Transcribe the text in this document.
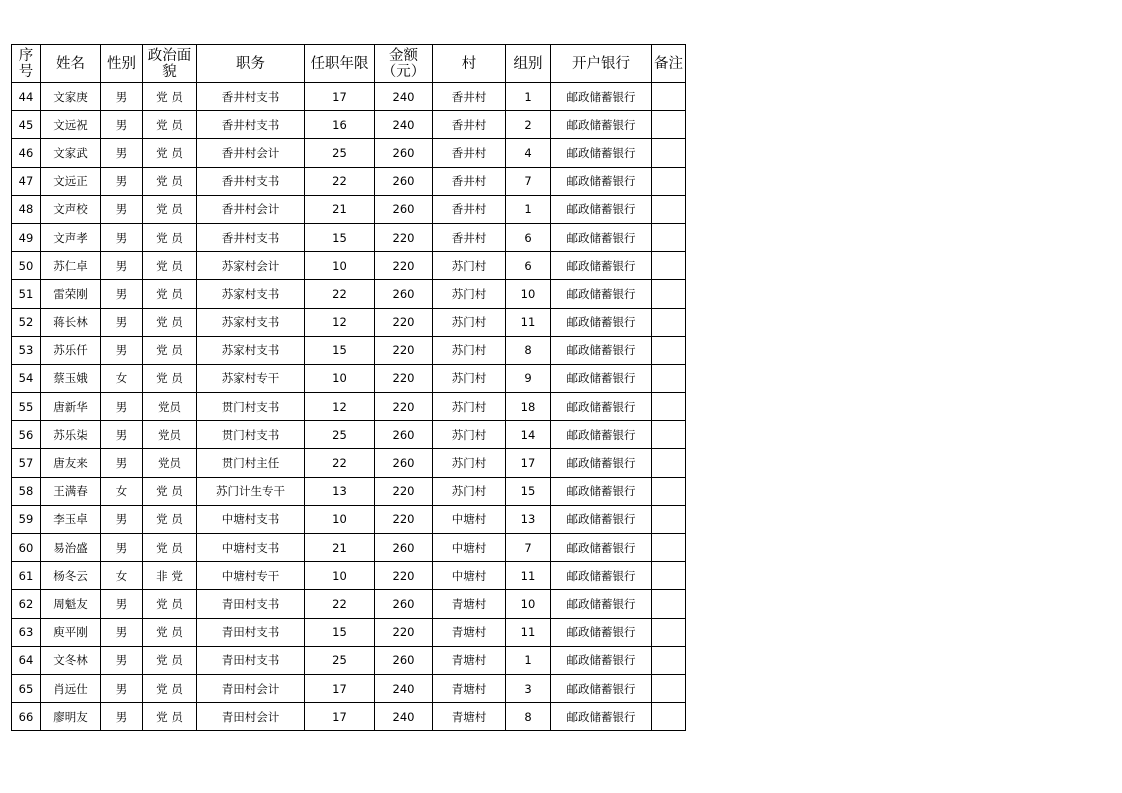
序号	姓名	性别	政治面貌	职务	任职年限	金额（元）	村	组别	开户银行	备注
44	文家庚	男	党 员	香井村支书	17	240	香井村	1	邮政储蓄银行	
45	文远祝	男	党 员	香井村支书	16	240	香井村	2	邮政储蓄银行	
46	文家武	男	党 员	香井村会计	25	260	香井村	4	邮政储蓄银行	
47	文远正	男	党 员	香井村支书	22	260	香井村	7	邮政储蓄银行	
48	文声校	男	党 员	香井村会计	21	260	香井村	1	邮政储蓄银行	
49	文声孝	男	党 员	香井村支书	15	220	香井村	6	邮政储蓄银行	
50	苏仁卓	男	党 员	苏家村会计	10	220	苏门村	6	邮政储蓄银行	
51	雷荣刚	男	党 员	苏家村支书	22	260	苏门村	10	邮政储蓄银行	
52	蒋长林	男	党 员	苏家村支书	12	220	苏门村	11	邮政储蓄银行	
53	苏乐仟	男	党 员	苏家村支书	15	220	苏门村	8	邮政储蓄银行	
54	蔡玉娥	女	党 员	苏家村专干	10	220	苏门村	9	邮政储蓄银行	
55	唐新华	男	党员	贯门村支书	12	220	苏门村	18	邮政储蓄银行	
56	苏乐柒	男	党员	贯门村支书	25	260	苏门村	14	邮政储蓄银行	
57	唐友来	男	党员	贯门村主任	22	260	苏门村	17	邮政储蓄银行	
58	王满春	女	党 员	苏门计生专干	13	220	苏门村	15	邮政储蓄银行	
59	李玉卓	男	党 员	中塘村支书	10	220	中塘村	13	邮政储蓄银行	
60	易治盛	男	党 员	中塘村支书	21	260	中塘村	7	邮政储蓄银行	
61	杨冬云	女	非 党	中塘村专干	10	220	中塘村	11	邮政储蓄银行	
62	周魁友	男	党 员	青田村支书	22	260	青塘村	10	邮政储蓄银行	
63	庾平刚	男	党 员	青田村支书	15	220	青塘村	11	邮政储蓄银行	
64	文冬林	男	党 员	青田村支书	25	260	青塘村	1	邮政储蓄银行	
65	肖远仕	男	党 员	青田村会计	17	240	青塘村	3	邮政储蓄银行	
66	廖明友	男	党 员	青田村会计	17	240	青塘村	8	邮政储蓄银行	
